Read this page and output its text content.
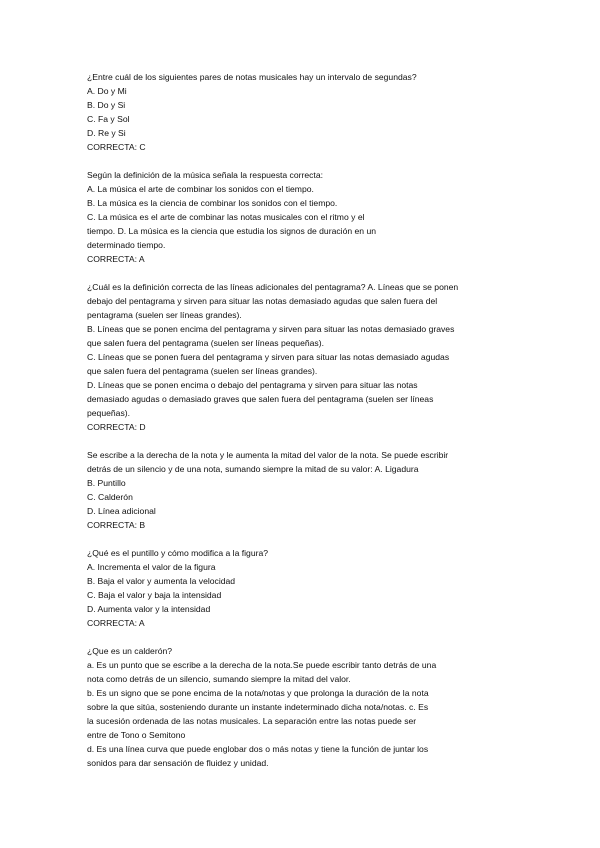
¿Entre cuál de los siguientes pares de notas musicales hay un intervalo de segundas?
A. Do y Mi
B. Do y Si
C. Fa y Sol
D. Re y Si
CORRECTA: C
Según la definición de la música señala la respuesta correcta:
A. La música el arte de combinar los sonidos con el tiempo.
B. La música es la ciencia de combinar los sonidos con el tiempo.
C. La música es el arte de combinar las notas musicales con el ritmo y el
tiempo. D. La música es la ciencia que estudia los signos de duración en un
determinado tiempo.
CORRECTA: A
¿Cuál es la definición correcta de las líneas adicionales del pentagrama? A. Líneas que se ponen
debajo del pentagrama y sirven para situar las notas demasiado agudas que salen fuera del
pentagrama (suelen ser líneas grandes).
B. Líneas que se ponen encima del pentagrama y sirven para situar las notas demasiado graves
que salen fuera del pentagrama (suelen ser líneas pequeñas).
C. Líneas que se ponen fuera del pentagrama y sirven para situar las notas demasiado agudas
que salen fuera del pentagrama (suelen ser líneas grandes).
D. Líneas que se ponen encima o debajo del pentagrama y sirven para situar las notas
demasiado agudas o demasiado graves que salen fuera del pentagrama (suelen ser líneas
pequeñas).
CORRECTA: D
Se escribe a la derecha de la nota y le aumenta la mitad del valor de la nota. Se puede escribir
detrás de un silencio y de una nota, sumando siempre la mitad de su valor: A. Ligadura
B. Puntillo
C. Calderón
D. Línea adicional
CORRECTA: B
¿Qué es el puntillo y cómo modifica a la figura?
A. Incrementa el valor de la figura
B. Baja el valor y aumenta la velocidad
C. Baja el valor y baja la intensidad
D. Aumenta valor y la intensidad
CORRECTA: A
¿Que es un calderón?
a. Es un punto que se escribe a la derecha de la nota.Se puede escribir tanto detrás de una
nota como detrás de un silencio, sumando siempre la mitad del valor.
b. Es un signo que se pone encima de la nota/notas y que prolonga la duración de la nota
sobre la que sitúa, sosteniendo durante un instante indeterminado dicha nota/notas. c. Es
la sucesión ordenada de las notas musicales. La separación entre las notas puede ser
entre de Tono o Semitono
d. Es una línea curva que puede englobar dos o más notas y tiene la función de juntar los
sonidos para dar sensación de fluidez y unidad.
